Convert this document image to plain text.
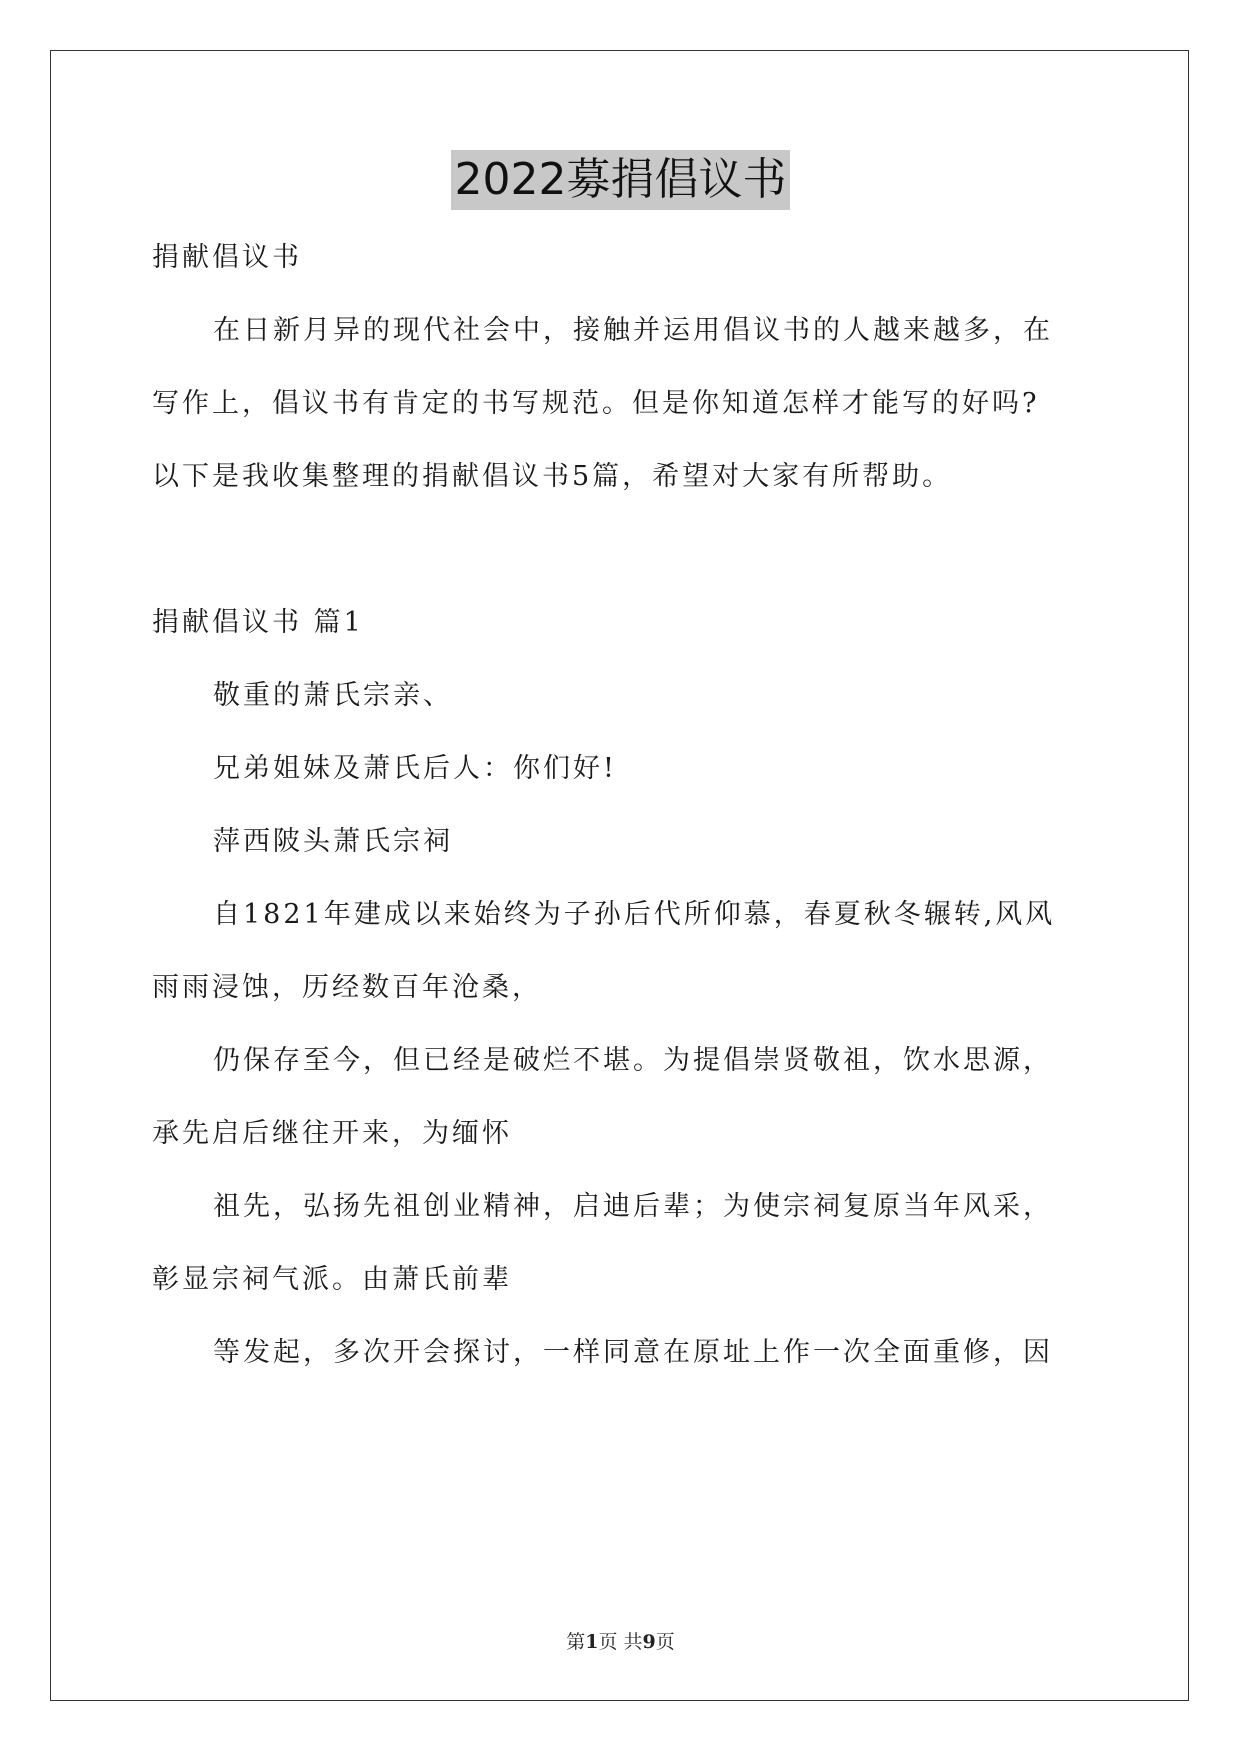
2022募捐倡议书
捐献倡议书
在日新月异的现代社会中，接触并运用倡议书的人越来越多，在
写作上，倡议书有肯定的书写规范。但是你知道怎样才能写的好吗?
以下是我收集整理的捐献倡议书5篇，希望对大家有所帮助。
捐献倡议书 篇1
敬重的萧氏宗亲、
兄弟姐妹及萧氏后人：你们好!
萍西陂头萧氏宗祠
自1821年建成以来始终为子孙后代所仰慕，春夏秋冬辗转,风风
雨雨浸蚀，历经数百年沧桑，
仍保存至今，但已经是破烂不堪。为提倡崇贤敬祖，饮水思源，
承先启后继往开来，为缅怀
祖先，弘扬先祖创业精神，启迪后辈；为使宗祠复原当年风采，
彰显宗祠气派。由萧氏前辈
等发起，多次开会探讨，一样同意在原址上作一次全面重修，因
第1页 共9页
